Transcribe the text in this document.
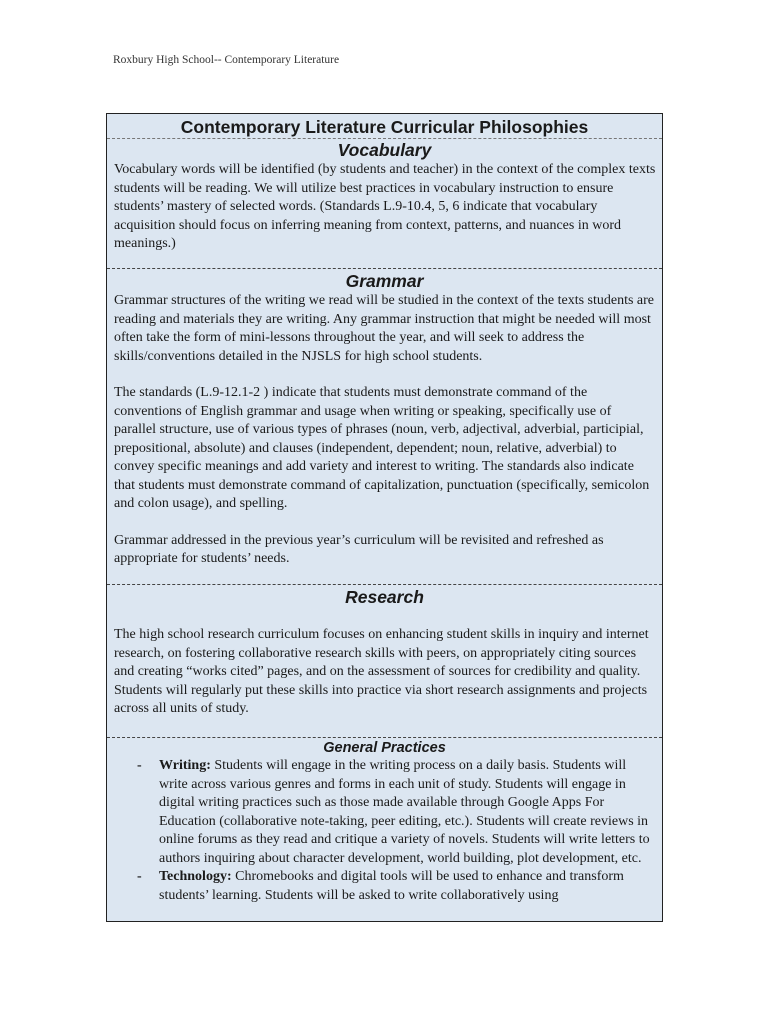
Roxbury High School-- Contemporary Literature
Contemporary Literature Curricular Philosophies
Vocabulary

Vocabulary words will be identified (by students and teacher) in the context of the complex texts students will be reading. We will utilize best practices in vocabulary instruction to ensure students’ mastery of selected words. (Standards L.9-10.4, 5, 6 indicate that vocabulary acquisition should focus on inferring meaning from context, patterns, and nuances in word meanings.)

Grammar

Grammar structures of the writing we read will be studied in the context of the texts students are reading and materials they are writing. Any grammar instruction that might be needed will most often take the form of mini-lessons throughout the year, and will seek to address the skills/conventions detailed in the NJSLS for high school students.

The standards (L.9-12.1-2 ) indicate that students must demonstrate command of the conventions of English grammar and usage when writing or speaking, specifically use of parallel structure, use of various types of phrases (noun, verb, adjectival, adverbial, participial, prepositional, absolute) and clauses (independent, dependent; noun, relative, adverbial) to convey specific meanings and add variety and interest to writing. The standards also indicate that students must demonstrate command of capitalization, punctuation (specifically, semicolon and colon usage), and spelling.

Grammar addressed in the previous year’s curriculum will be revisited and refreshed as appropriate for students’ needs.

Research

The high school research curriculum focuses on enhancing student skills in inquiry and internet research, on fostering collaborative research skills with peers, on appropriately citing sources and creating “works cited” pages, and on the assessment of sources for credibility and quality. Students will regularly put these skills into practice via short research assignments and projects across all units of study.

General Practices
- Writing: Students will engage in the writing process on a daily basis. Students will write across various genres and forms in each unit of study. Students will engage in digital writing practices such as those made available through Google Apps For Education (collaborative note-taking, peer editing, etc.). Students will create reviews in online forums as they read and critique a variety of novels. Students will write letters to authors inquiring about character development, world building, plot development, etc.
- Technology: Chromebooks and digital tools will be used to enhance and transform students’ learning. Students will be asked to write collaboratively using
